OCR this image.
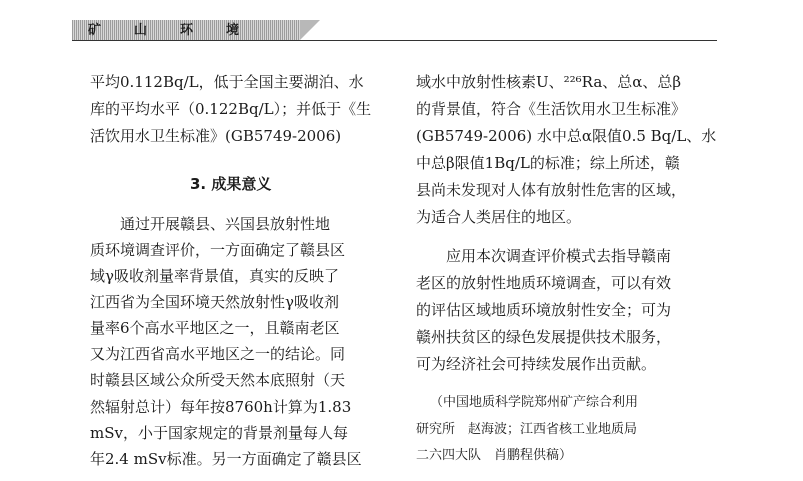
矿山环境
平均0.112Bq/L，低于全国主要湖泊、水
库的平均水平（0.122Bq/L）；并低于《生
活饮用水卫生标准》(GB5749-2006)
3. 成果意义
通过开展赣县、兴国县放射性地
质环境调查评价，一方面确定了赣县区
域γ吸收剂量率背景值，真实的反映了
江西省为全国环境天然放射性γ吸收剂
量率6个高水平地区之一，且赣南老区
又为江西省高水平地区之一的结论。同
时赣县区域公众所受天然本底照射（天
然辐射总计）每年按8760h计算为1.83
mSv，小于国家规定的背景剂量每人每
年2.4 mSv标准。另一方面确定了赣县区
域水中放射性核素U、²²⁶Ra、总α、总β
的背景值，符合《生活饮用水卫生标准》
(GB5749-2006) 水中总α限值0.5 Bq/L、水
中总β限值1Bq/L的标准；综上所述，赣
县尚未发现对人体有放射性危害的区域，
为适合人类居住的地区。
应用本次调查评价模式去指导赣南
老区的放射性地质环境调查，可以有效
的评估区域地质环境放射性安全；可为
赣州扶贫区的绿色发展提供技术服务，
可为经济社会可持续发展作出贡献。
（中国地质科学院郑州矿产综合利用
研究所　赵海波；江西省核工业地质局
二六四大队　肖鹏程供稿）
